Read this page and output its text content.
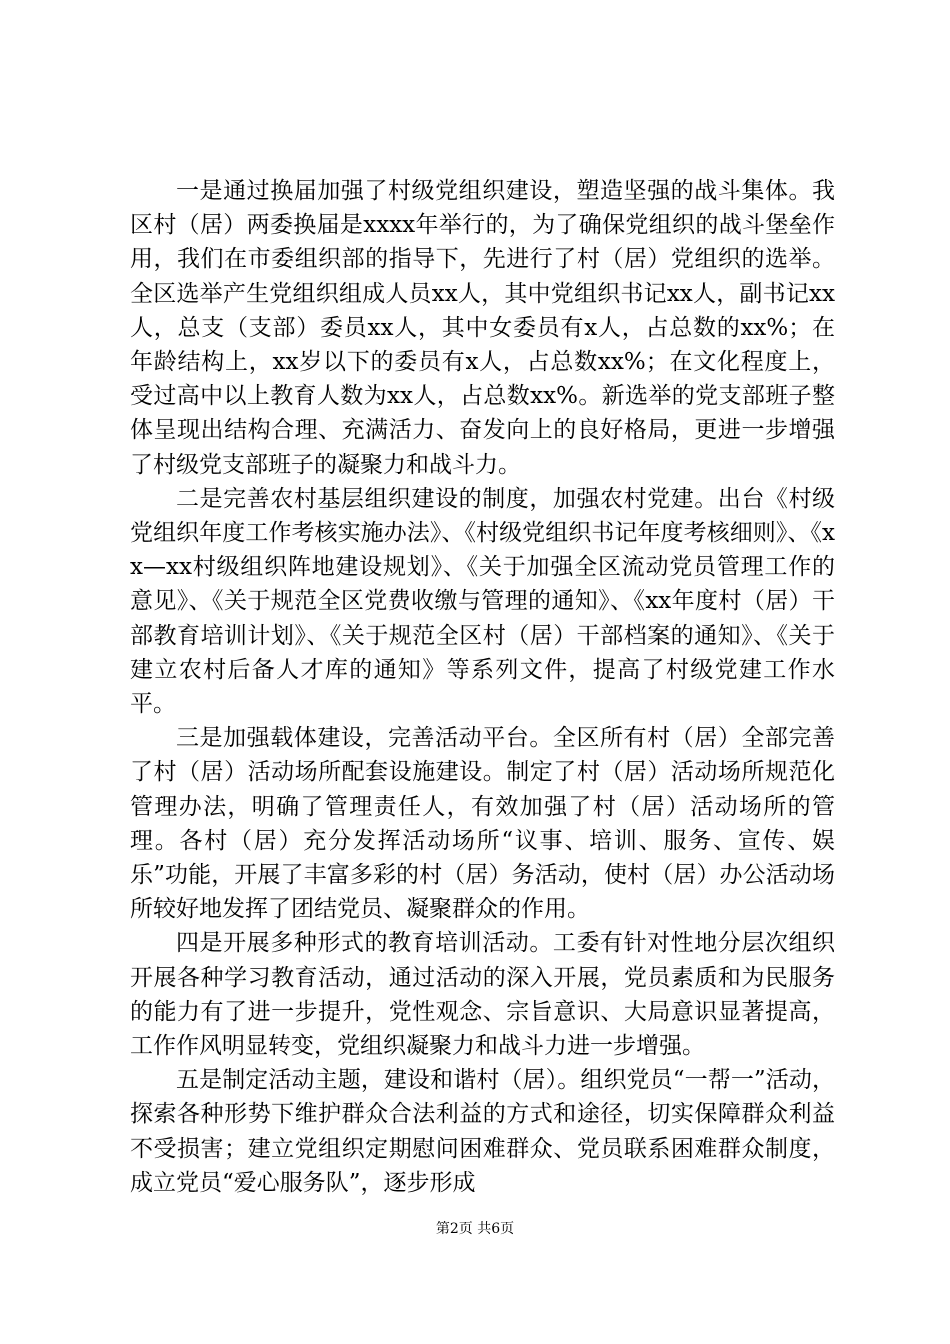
一是通过换届加强了村级党组织建设，塑造坚强的战斗集体。我区村（居）两委换届是xxxx年举行的，为了确保党组织的战斗堡垒作用，我们在市委组织部的指导下，先进行了村（居）党组织的选举。全区选举产生党组织组成人员xx人，其中党组织书记xx人，副书记xx人，总支（支部）委员xx人，其中女委员有x人，占总数的xx%；在年龄结构上，xx岁以下的委员有x人，占总数xx%；在文化程度上，受过高中以上教育人数为xx人，占总数xx%。新选举的党支部班子整体呈现出结构合理、充满活力、奋发向上的良好格局，更进一步增强了村级党支部班子的凝聚力和战斗力。

二是完善农村基层组织建设的制度，加强农村党建。出台《村级党组织年度工作考核实施办法》、《村级党组织书记年度考核细则》、《xx—xx村级组织阵地建设规划》、《关于加强全区流动党员管理工作的意见》、《关于规范全区党费收缴与管理的通知》、《xx年度村（居）干部教育培训计划》、《关于规范全区村（居）干部档案的通知》、《关于建立农村后备人才库的通知》等系列文件，提高了村级党建工作水平。

三是加强载体建设，完善活动平台。全区所有村（居）全部完善了村（居）活动场所配套设施建设。制定了村（居）活动场所规范化管理办法，明确了管理责任人，有效加强了村（居）活动场所的管理。各村（居）充分发挥活动场所“议事、培训、服务、宣传、娱乐”功能，开展了丰富多彩的村（居）务活动，使村（居）办公活动场所较好地发挥了团结党员、凝聚群众的作用。

四是开展多种形式的教育培训活动。工委有针对性地分层次组织开展各种学习教育活动，通过活动的深入开展，党员素质和为民服务的能力有了进一步提升，党性观念、宗旨意识、大局意识显著提高，工作作风明显转变，党组织凝聚力和战斗力进一步增强。

五是制定活动主题，建设和谐村（居）。组织党员“一帮一”活动，探索各种形势下维护群众合法利益的方式和途径，切实保障群众利益不受损害；建立党组织定期慰问困难群众、党员联系困难群众制度，成立党员“爱心服务队”，逐步形成

第2页 共6页
